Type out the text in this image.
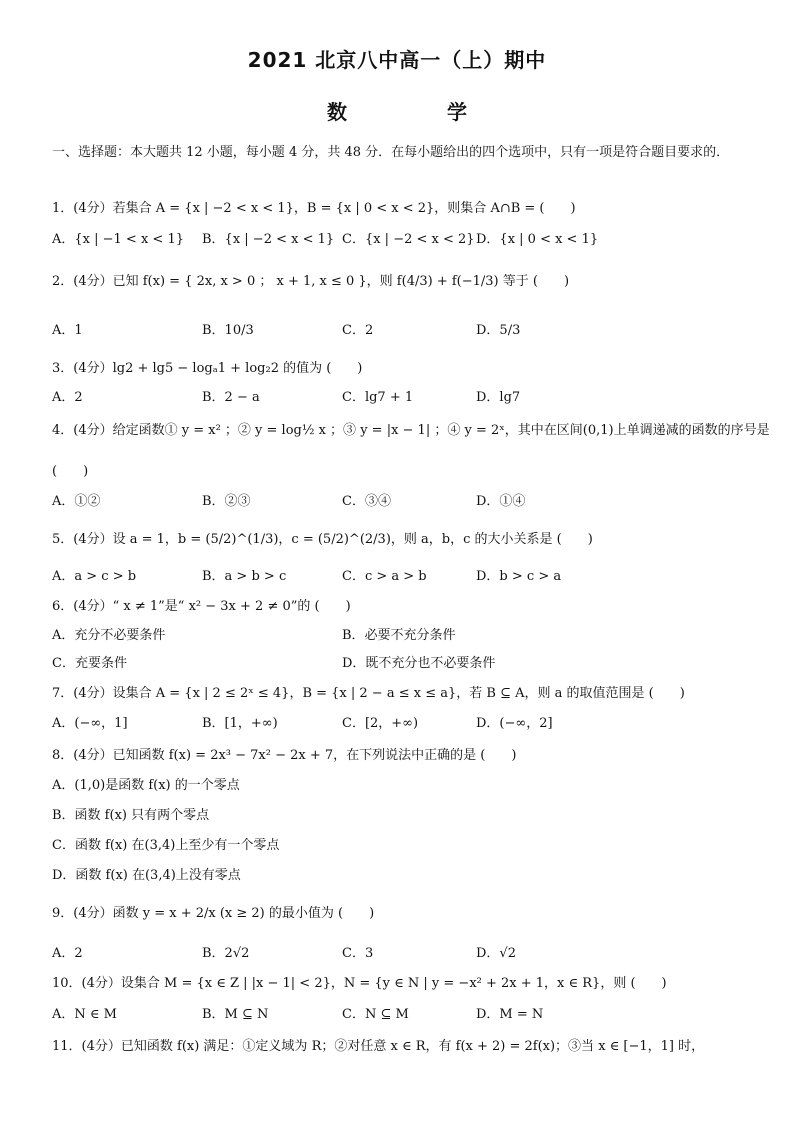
2021 北京八中高一（上）期中
数　学
一、选择题：本大题共 12 小题，每小题 4 分，共 48 分．在每小题给出的四个选项中，只有一项是符合题目要求的．
1．(4分）若集合 A = {x | −2 < x < 1}，B = {x | 0 < x < 2}，则集合 A∩B = (　　)
A．{x | −1 < x < 1} B．{x | −2 < x < 1} C．{x | −2 < x < 2} D．{x | 0 < x < 1}
2．(4分）已知 f(x) = { 2x, x > 0 ； x + 1, x ≤ 0 }，则 f(4/3) + f(−1/3) 等于 (　　)
A．1	B．10/3	C．2	D．5/3
3．(4分）lg2 + lg5 − logₐ1 + log₂2 的值为 (　　)
A．2	B．2 − a	C．lg7 + 1	D．lg7
4．(4分）给定函数① y = x² ；② y = log½ x ；③ y = |x − 1| ；④ y = 2ˣ，其中在区间(0,1)上单调递减的函数的序号是
(　　)
A．①②	B．②③	C．③④	D．①④
5．(4分）设 a = 1，b = (5/2)^(1/3)，c = (5/2)^(2/3)，则 a，b，c 的大小关系是 (　　)
A．a > c > b	B．a > b > c	C．c > a > b	D．b > c > a
6．(4分）“ x ≠ 1”是“ x² − 3x + 2 ≠ 0”的 (　　)
A．充分不必要条件	B．必要不充分条件
C．充要条件	D．既不充分也不必要条件
7．(4分）设集合 A = {x | 2 ≤ 2ˣ ≤ 4}，B = {x | 2 − a ≤ x ≤ a}，若 B ⊆ A，则 a 的取值范围是 (　　)
A．(−∞，1]	B．[1，+∞)	C．[2，+∞)	D．(−∞，2]
8．(4分）已知函数 f(x) = 2x³ − 7x² − 2x + 7，在下列说法中正确的是 (　　)
A．(1,0)是函数 f(x) 的一个零点
B．函数 f(x) 只有两个零点
C．函数 f(x) 在(3,4)上至少有一个零点
D．函数 f(x) 在(3,4)上没有零点
9．(4分）函数 y = x + 2/x (x ≥ 2) 的最小值为 (　　)
A．2	B．2√2	C．3	D．√2
10．(4分）设集合 M = {x ∈ Z | |x − 1| < 2}，N = {y ∈ N | y = −x² + 2x + 1，x ∈ R}，则 (　　)
A．N ∈ M	B．M ⊆ N	C．N ⊆ M	D．M = N
11．(4分）已知函数 f(x) 满足：①定义域为 R；②对任意 x ∈ R，有 f(x + 2) = 2f(x)；③当 x ∈ [−1，1] 时，
